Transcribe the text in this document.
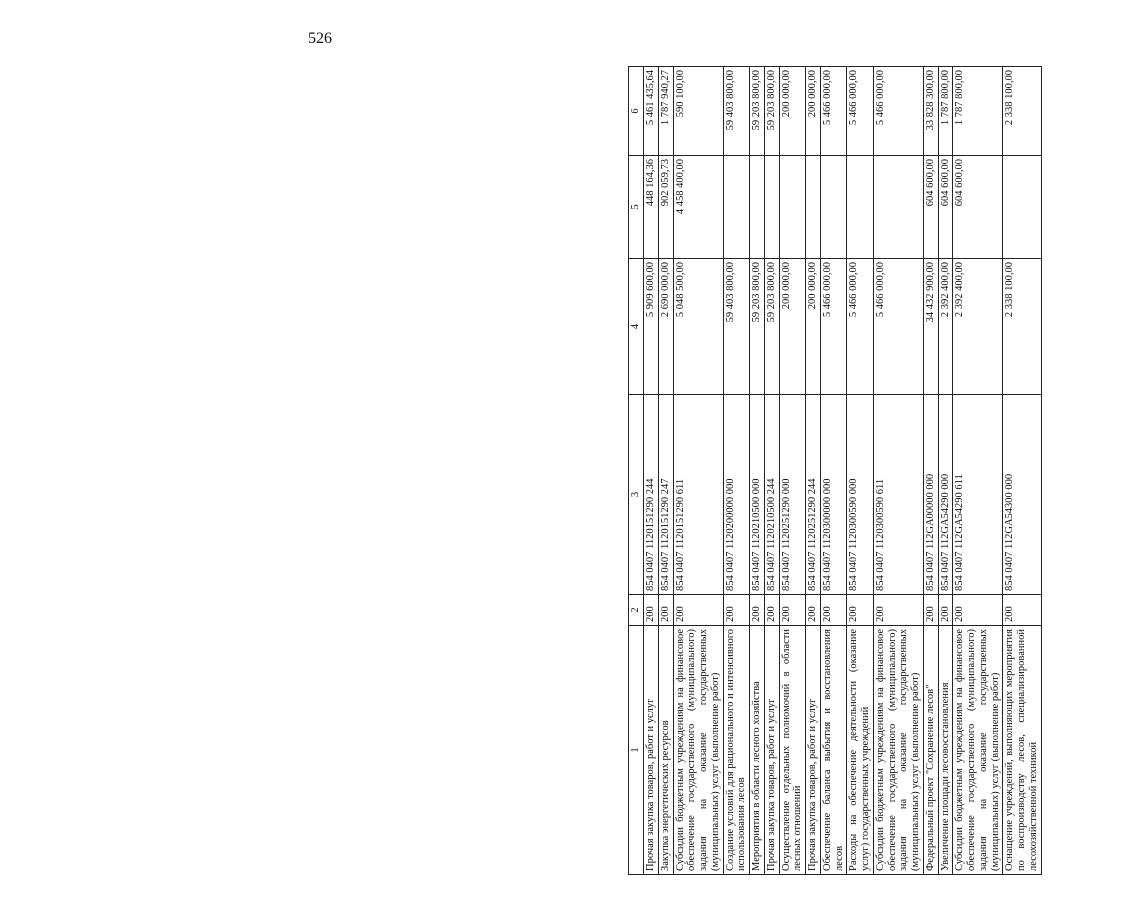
526
1	2	3	4	5	6
Прочая закупка товаров, работ и услуг	200	854 0407 1120151290 244	5 909 600,00	448 164,36	5 461 435,64
Закупка энергетических ресурсов	200	854 0407 1120151290 247	2 690 000,00	902 059,73	1 787 940,27
Субсидии бюджетным учреждениям на финансовое обеспечение государственного (муниципального) задания на оказание государственных (муниципальных) услуг (выполнение работ)	200	854 0407 1120151290 611	5 048 500,00	4 458 400,00	590 100,00
Создание условий для рационального и интенсивного использования лесов	200	854 0407 1120200000 000	59 403 800,00		59 403 800,00
Мероприятия в области лесного хозяйства	200	854 0407 1120210500 000	59 203 800,00		59 203 800,00
Прочая закупка товаров, работ и услуг	200	854 0407 1120210500 244	59 203 800,00		59 203 800,00
Осуществление отдельных полномочий в области лесных отношений	200	854 0407 1120251290 000	200 000,00		200 000,00
Прочая закупка товаров, работ и услуг	200	854 0407 1120251290 244	200 000,00		200 000,00
Обеспечение баланса выбытия и восстановления лесов	200	854 0407 1120300000 000	5 466 000,00		5 466 000,00
Расходы на обеспечение деятельности (оказание услуг) государственных учреждений	200	854 0407 1120300590 000	5 466 000,00		5 466 000,00
Субсидии бюджетным учреждениям на финансовое обеспечение государственного (муниципального) задания на оказание государственных (муниципальных) услуг (выполнение работ)	200	854 0407 1120300590 611	5 466 000,00		5 466 000,00
Федеральный проект "Сохранение лесов"	200	854 0407 112GA00000 000	34 432 900,00	604 600,00	33 828 300,00
Увеличение площади лесовосстановления	200	854 0407 112GA54290 000	2 392 400,00	604 600,00	1 787 800,00
Субсидии бюджетным учреждениям на финансовое обеспечение государственного (муниципального) задания на оказание государственных (муниципальных) услуг (выполнение работ)	200	854 0407 112GA54290 611	2 392 400,00	604 600,00	1 787 800,00
Оснащение учреждений, выполняющих мероприятия по воспроизводству лесов, специализированной лесохозяйственной техникой	200	854 0407 112GA54300 000	2 338 100,00		2 338 100,00
